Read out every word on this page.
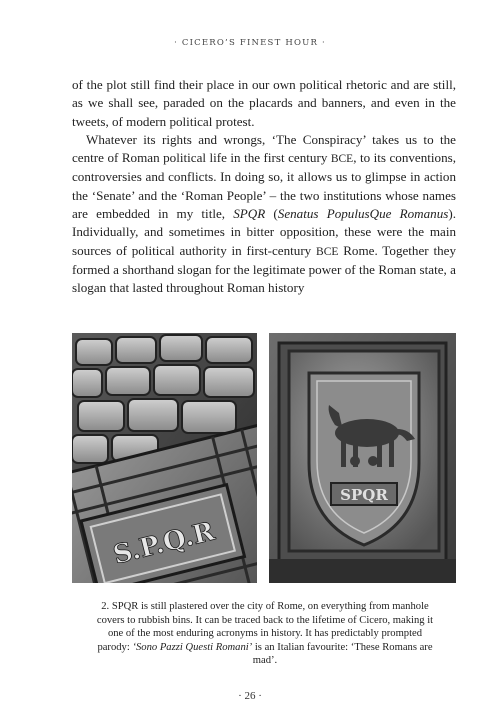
· CICERO’S FINEST HOUR ·

of the plot still find their place in our own political rhetoric and are still, as we shall see, paraded on the placards and banners, and even in the tweets, of modern political protest.

Whatever its rights and wrongs, ‘The Conspiracy’ takes us to the centre of Roman political life in the first century BCE, to its conventions, controversies and conflicts. In doing so, it allows us to glimpse in action the ‘Senate’ and the ‘Roman People’ – the two institutions whose names are embedded in my title, SPQR (Senatus PopulusQue Romanus). Individually, and sometimes in bitter opposition, these were the main sources of political authority in first-century BCE Rome. Together they formed a shorthand slogan for the legitimate power of the Roman state, a slogan that lasted throughout Roman history

S.P.Q.R
SPQR
2. SPQR is still plastered over the city of Rome, on everything from manhole covers to rubbish bins. It can be traced back to the lifetime of Cicero, making it one of the most enduring acronyms in history. It has predictably prompted parody: ‘Sono Pazzi Questi Romani’ is an Italian favourite: ‘These Romans are mad’.
· 26 ·
